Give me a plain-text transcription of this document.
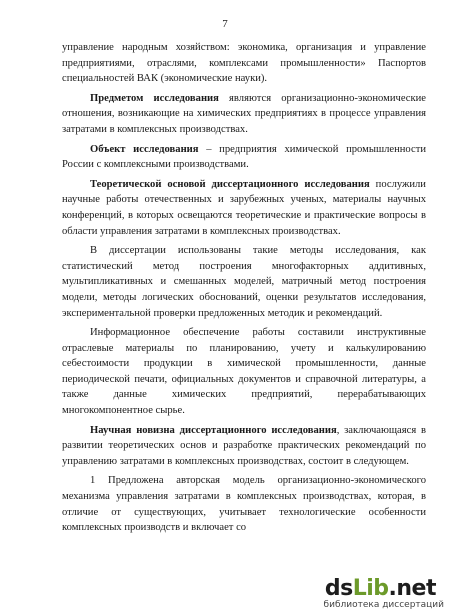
7

управление народным хозяйством: экономика, организация и управление предприятиями, отраслями, комплексами промышленности» Паспортов специальностей ВАК (экономические науки).

Предметом исследования являются организационно-экономические отношения, возникающие на химических предприятиях в процессе управления затратами в комплексных производствах.

Объект исследования – предприятия химической промышленности России с комплексными производствами.

Теоретической основой диссертационного исследования послужили научные работы отечественных и зарубежных ученых, материалы научных конференций, в которых освещаются теоретические и практические вопросы в области управления затратами в комплексных производствах.

В диссертации использованы такие методы исследования, как статистический метод построения многофакторных аддитивных, мультипликативных и смешанных моделей, матричный метод построения модели, методы логических обоснований, оценки результатов исследования, экспериментальной проверки предложенных методик и рекомендаций.

Информационное обеспечение работы составили инструктивные отраслевые материалы по планированию, учету и калькулированию себестоимости продукции в химической промышленности, данные периодической печати, официальных документов и справочной литературы, а также данные химических предприятий, перерабатывающих многокомпонентное сырье.

Научная новизна диссертационного исследования, заключающаяся в развитии теоретических основ и разработке практических рекомендаций по управлению затратами в комплексных производствах, состоит в следующем.

1 Предложена авторская модель организационно-экономического механизма управления затратами в комплексных производствах, которая, в отличие от существующих, учитывает технологические особенности комплексных производств и включает со

dsLib.net
библиотека диссертаций
